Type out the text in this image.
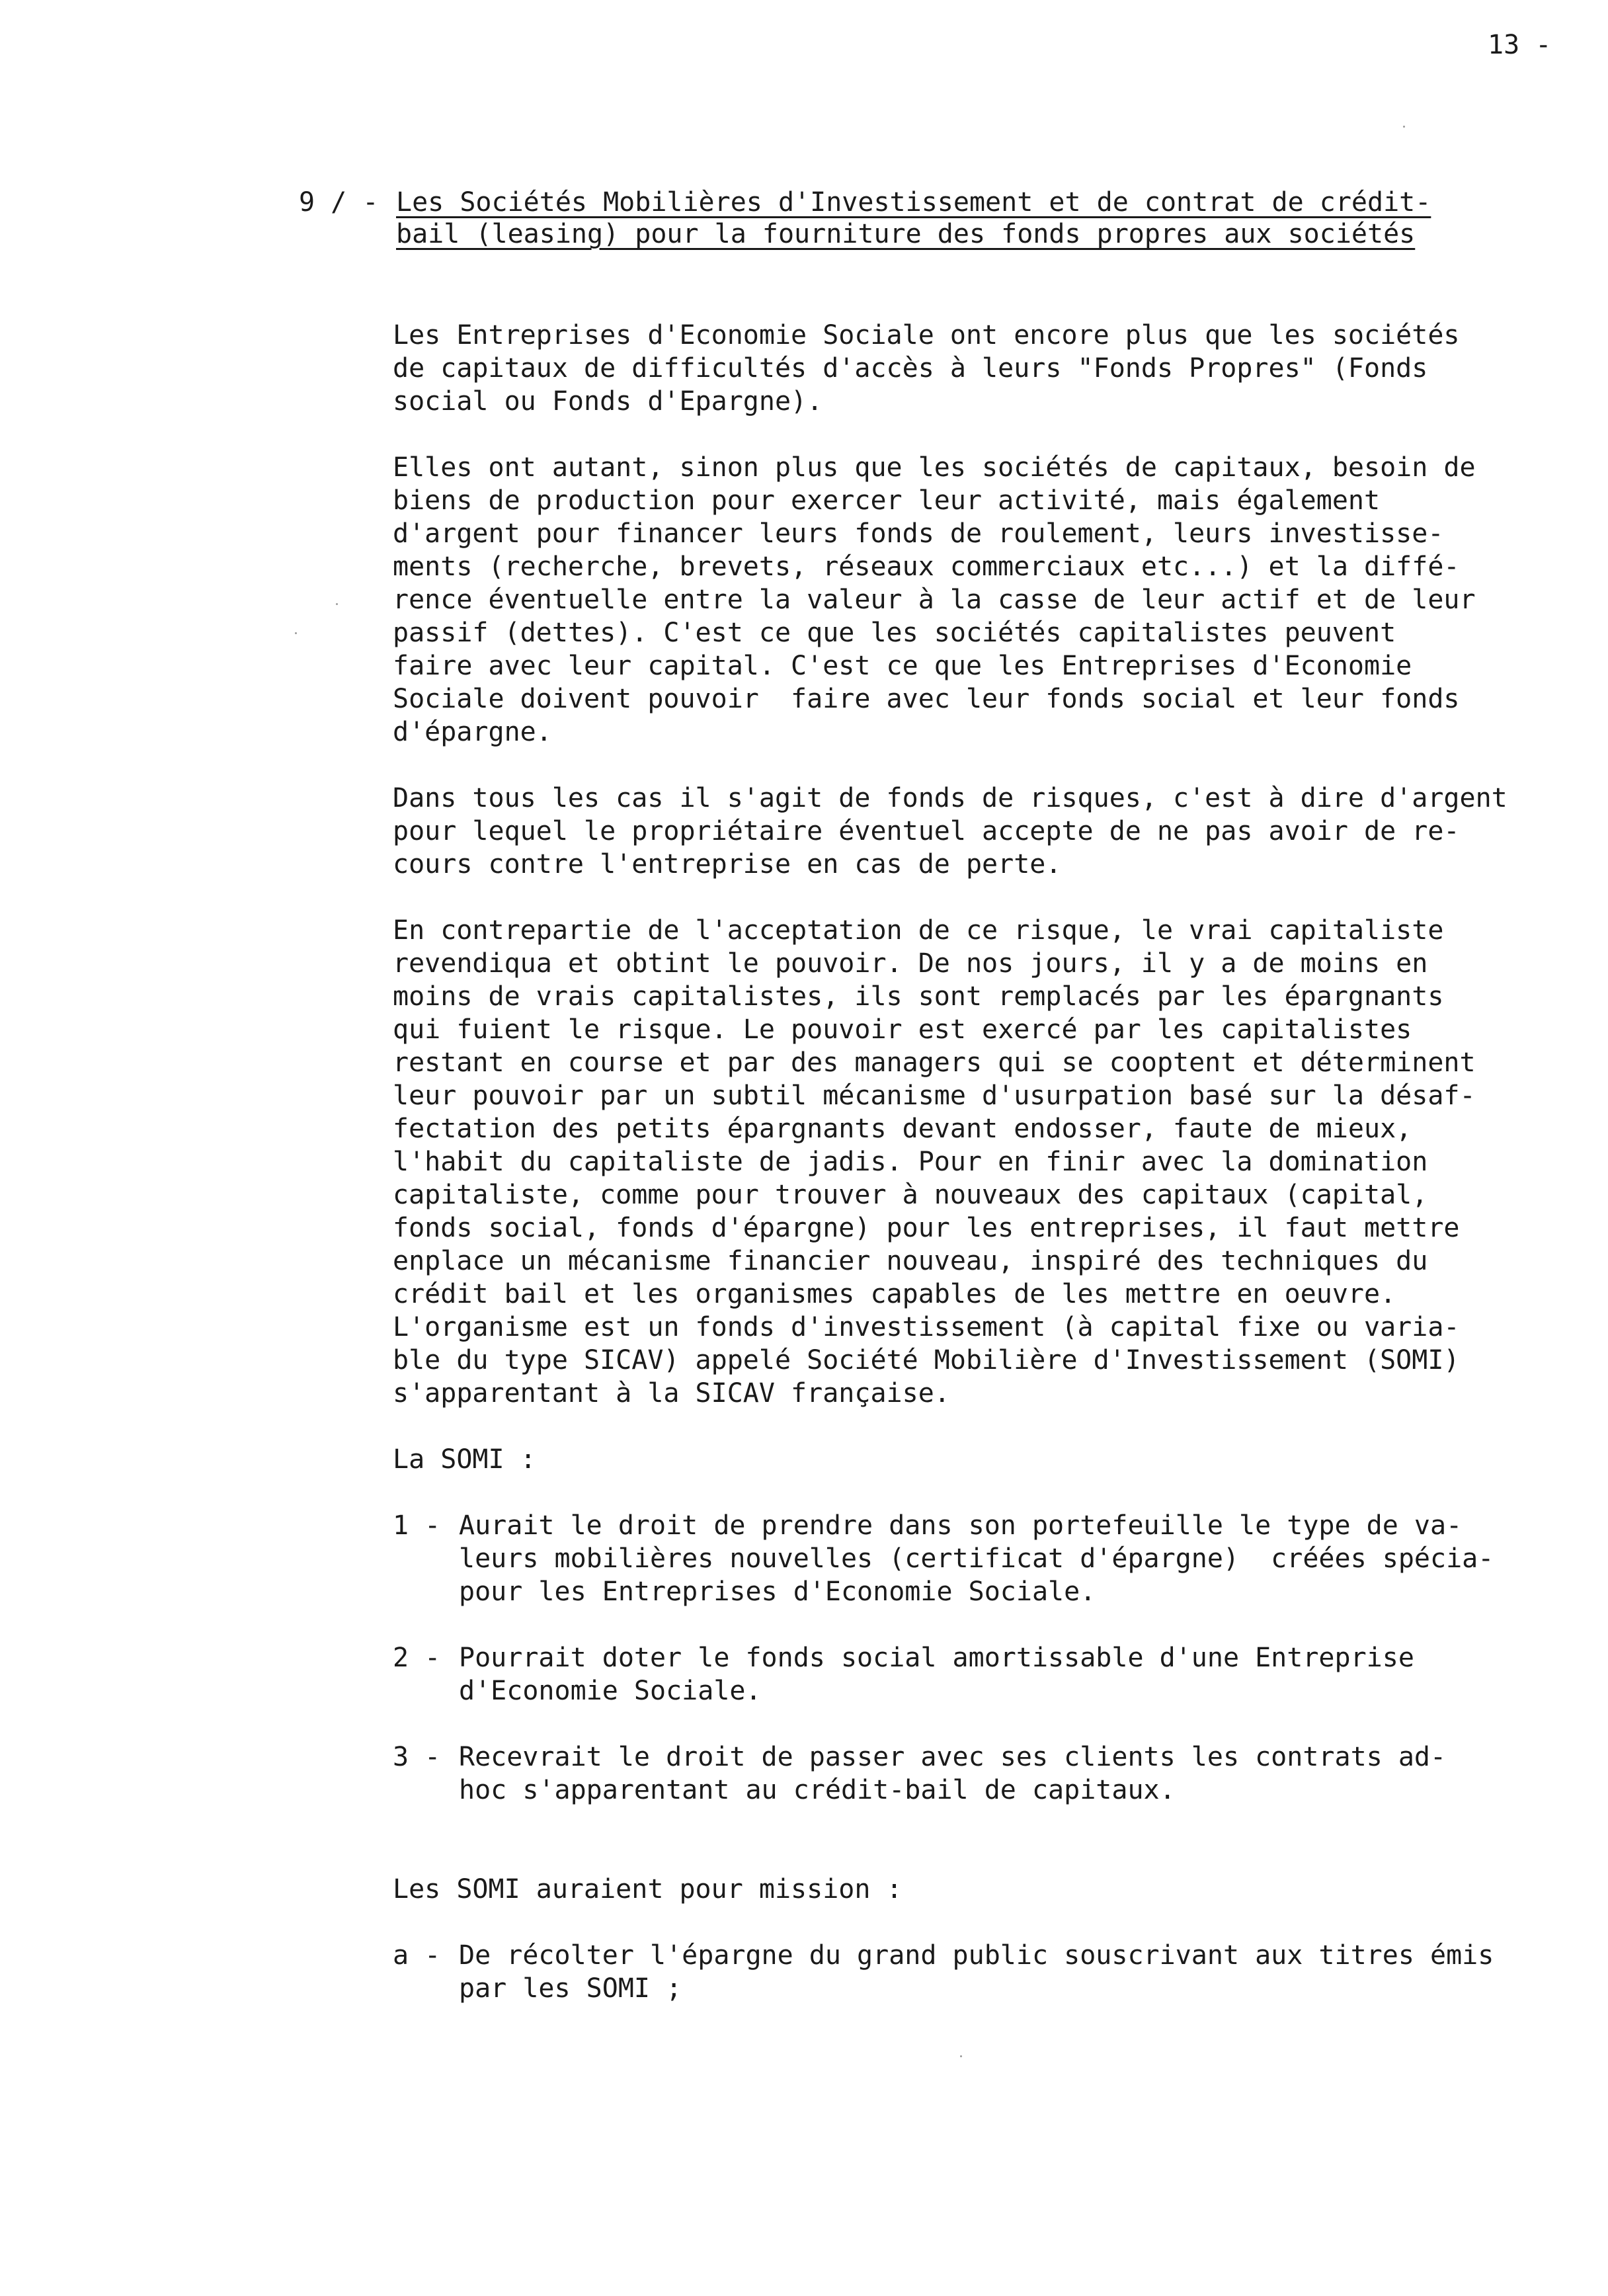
13 -
9 / - Les Sociétés Mobilières d'Investissement et de contrat de crédit-
bail (leasing) pour la fourniture des fonds propres aux sociétés
Les Entreprises d'Economie Sociale ont encore plus que les sociétés
de capitaux de difficultés d'accès à leurs "Fonds Propres" (Fonds
social ou Fonds d'Epargne).
Elles ont autant, sinon plus que les sociétés de capitaux, besoin de
biens de production pour exercer leur activité, mais également
d'argent pour financer leurs fonds de roulement, leurs investisse-
ments (recherche, brevets, réseaux commerciaux etc...) et la diffé-
rence éventuelle entre la valeur à la casse de leur actif et de leur
passif (dettes). C'est ce que les sociétés capitalistes peuvent
faire avec leur capital. C'est ce que les Entreprises d'Economie
Sociale doivent pouvoir  faire avec leur fonds social et leur fonds
d'épargne.
Dans tous les cas il s'agit de fonds de risques, c'est à dire d'argent
pour lequel le propriétaire éventuel accepte de ne pas avoir de re-
cours contre l'entreprise en cas de perte.
En contrepartie de l'acceptation de ce risque, le vrai capitaliste
revendiqua et obtint le pouvoir. De nos jours, il y a de moins en
moins de vrais capitalistes, ils sont remplacés par les épargnants
qui fuient le risque. Le pouvoir est exercé par les capitalistes
restant en course et par des managers qui se cooptent et déterminent
leur pouvoir par un subtil mécanisme d'usurpation basé sur la désaf-
fectation des petits épargnants devant endosser, faute de mieux,
l'habit du capitaliste de jadis. Pour en finir avec la domination
capitaliste, comme pour trouver à nouveaux des capitaux (capital,
fonds social, fonds d'épargne) pour les entreprises, il faut mettre
enplace un mécanisme financier nouveau, inspiré des techniques du
crédit bail et les organismes capables de les mettre en oeuvre.
L'organisme est un fonds d'investissement (à capital fixe ou varia-
ble du type SICAV) appelé Société Mobilière d'Investissement (SOMI)
s'apparentant à la SICAV française.
La SOMI :
1 - Aurait le droit de prendre dans son portefeuille le type de va-
leurs mobilières nouvelles (certificat d'épargne)  créées spécia-
pour les Entreprises d'Economie Sociale.
2 - Pourrait doter le fonds social amortissable d'une Entreprise
d'Economie Sociale.
3 - Recevrait le droit de passer avec ses clients les contrats ad-
hoc s'apparentant au crédit-bail de capitaux.
Les SOMI auraient pour mission :
a - De récolter l'épargne du grand public souscrivant aux titres émis
par les SOMI ;
